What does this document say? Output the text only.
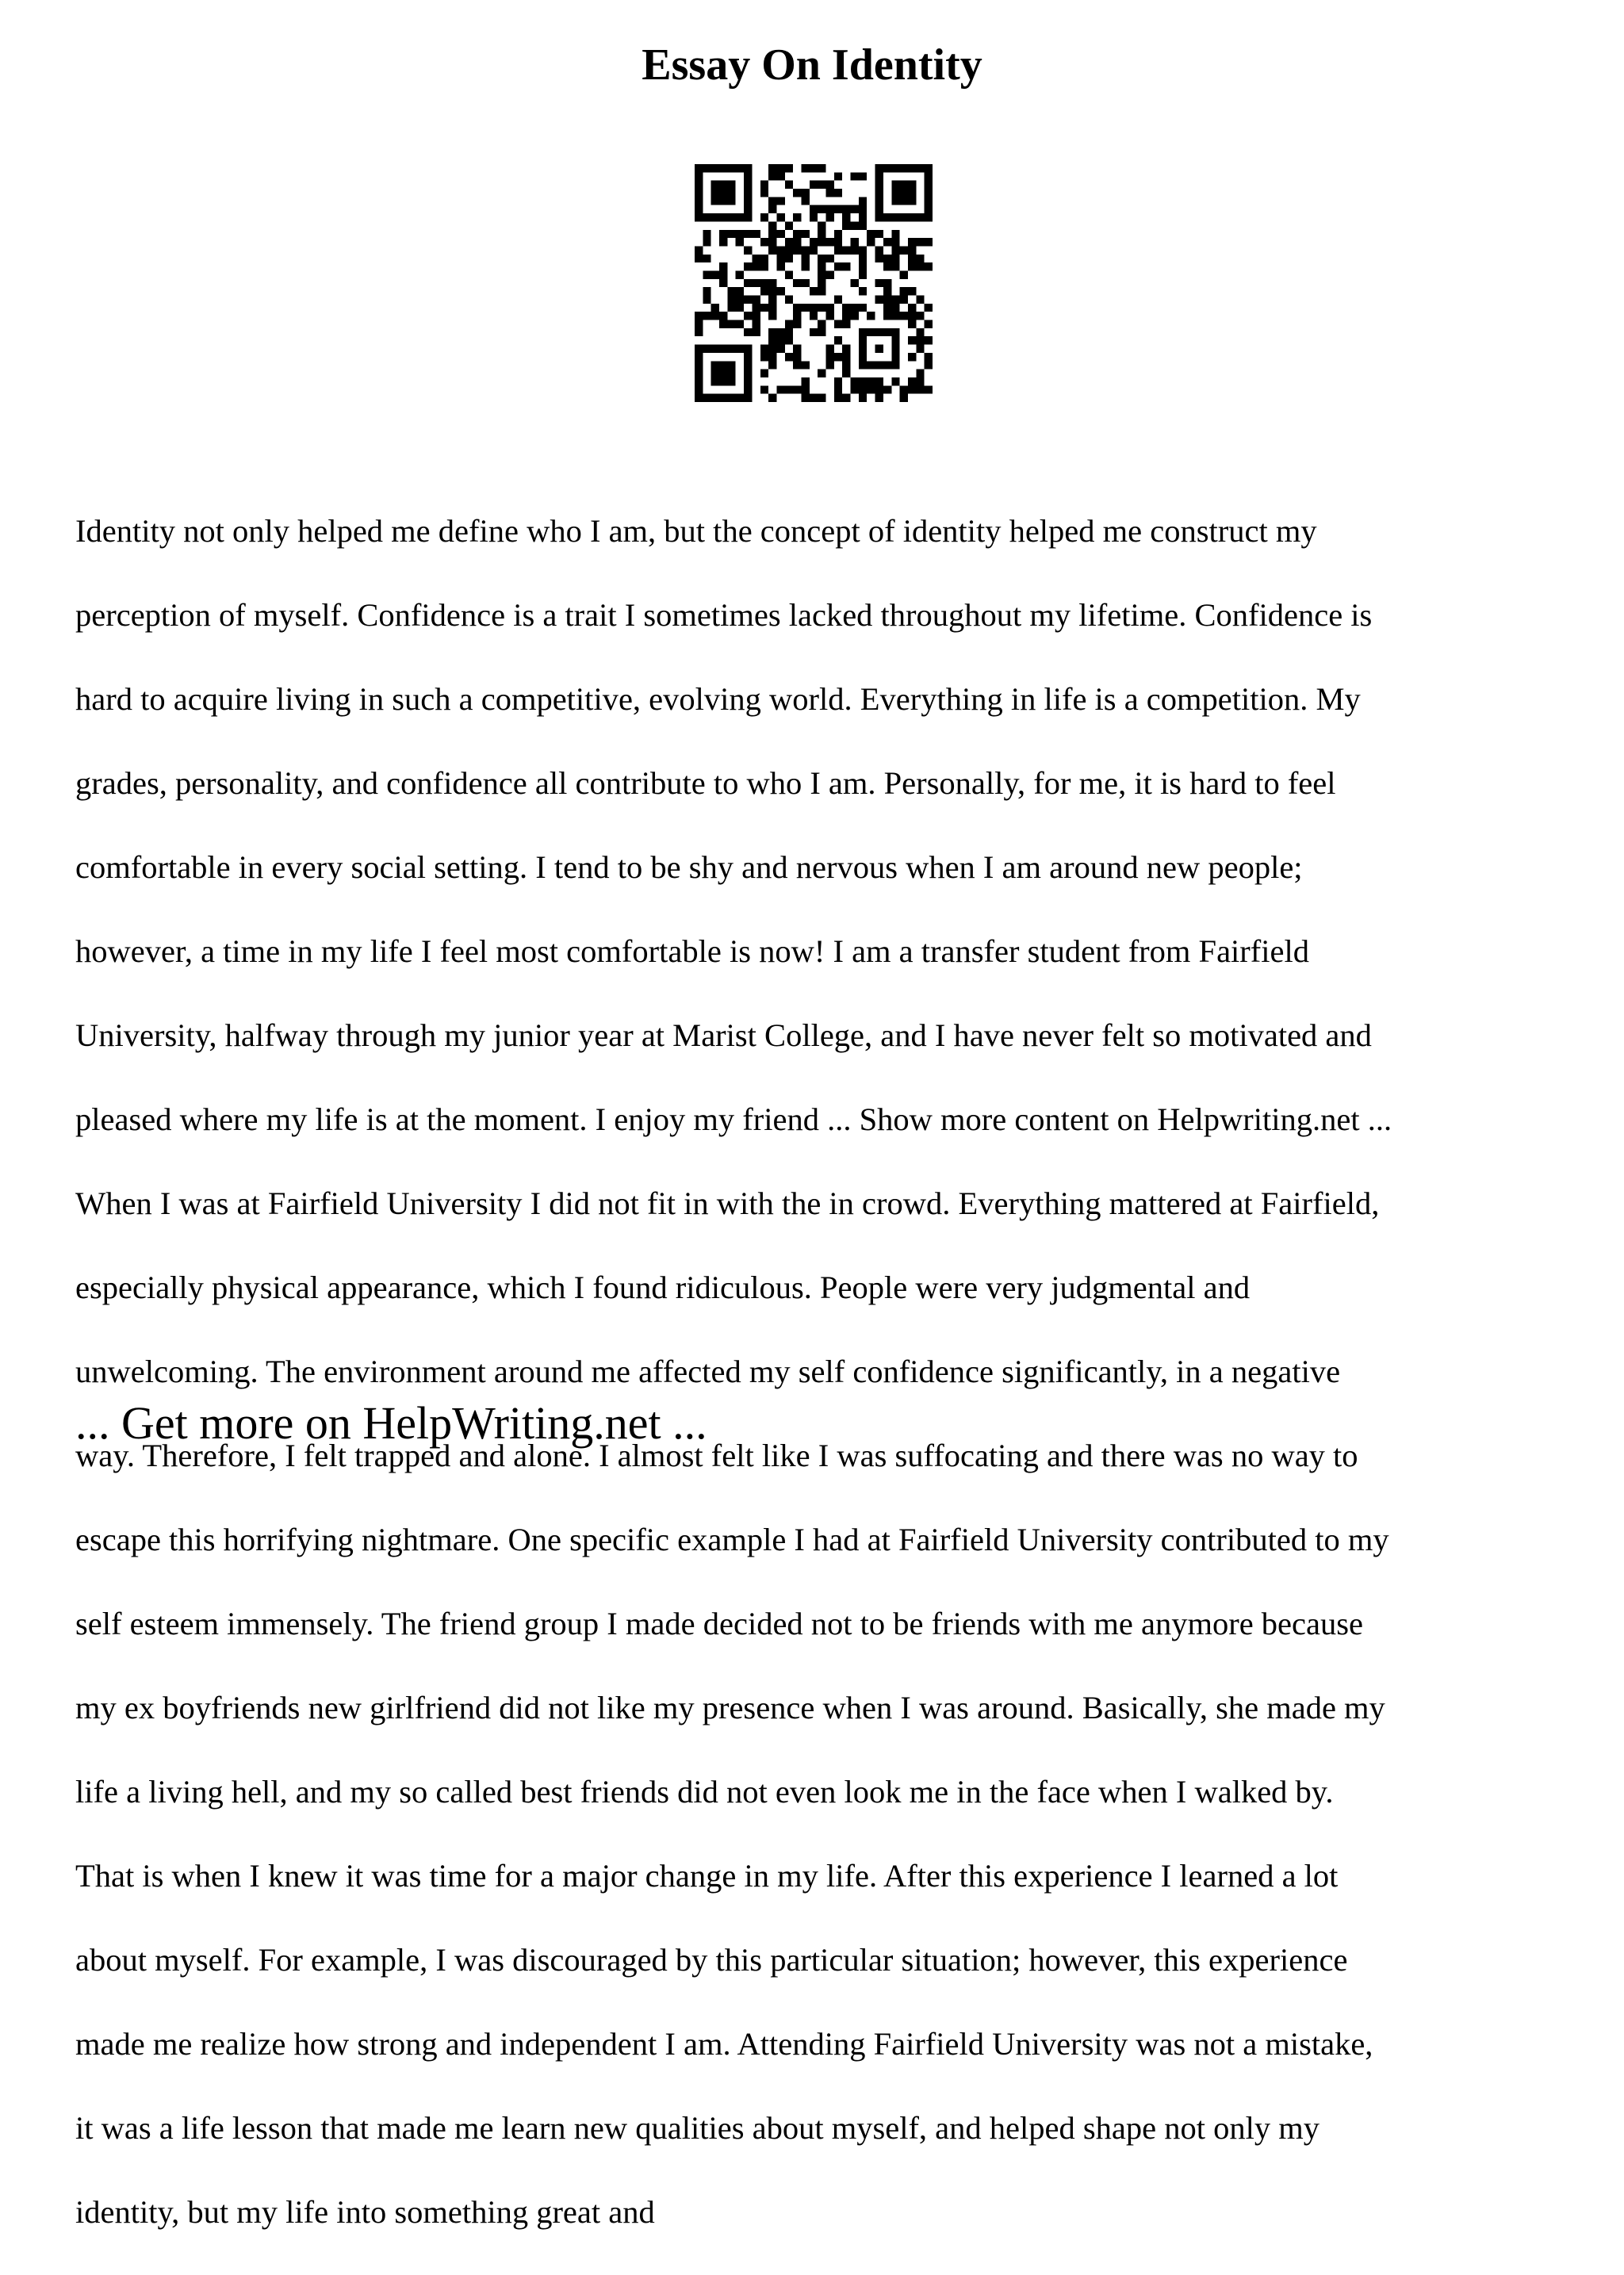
Essay On Identity

Identity not only helped me define who I am, but the concept of identity helped me construct my

perception of myself. Confidence is a trait I sometimes lacked throughout my lifetime. Confidence is

hard to acquire living in such a competitive, evolving world. Everything in life is a competition. My

grades, personality, and confidence all contribute to who I am. Personally, for me, it is hard to feel

comfortable in every social setting. I tend to be shy and nervous when I am around new people;

however, a time in my life I feel most comfortable is now! I am a transfer student from Fairfield

University, halfway through my junior year at Marist College, and I have never felt so motivated and

pleased where my life is at the moment. I enjoy my friend ... Show more content on Helpwriting.net ...

When I was at Fairfield University I did not fit in with the in crowd. Everything mattered at Fairfield,

especially physical appearance, which I found ridiculous. People were very judgmental and

unwelcoming. The environment around me affected my self confidence significantly, in a negative

way. Therefore, I felt trapped and alone. I almost felt like I was suffocating and there was no way to

escape this horrifying nightmare. One specific example I had at Fairfield University contributed to my

self esteem immensely. The friend group I made decided not to be friends with me anymore because

my ex boyfriends new girlfriend did not like my presence when I was around. Basically, she made my

life a living hell, and my so called best friends did not even look me in the face when I walked by.

That is when I knew it was time for a major change in my life. After this experience I learned a lot

about myself. For example, I was discouraged by this particular situation; however, this experience

made me realize how strong and independent I am. Attending Fairfield University was not a mistake,

it was a life lesson that made me learn new qualities about myself, and helped shape not only my

identity, but my life into something great and

... Get more on HelpWriting.net ...
